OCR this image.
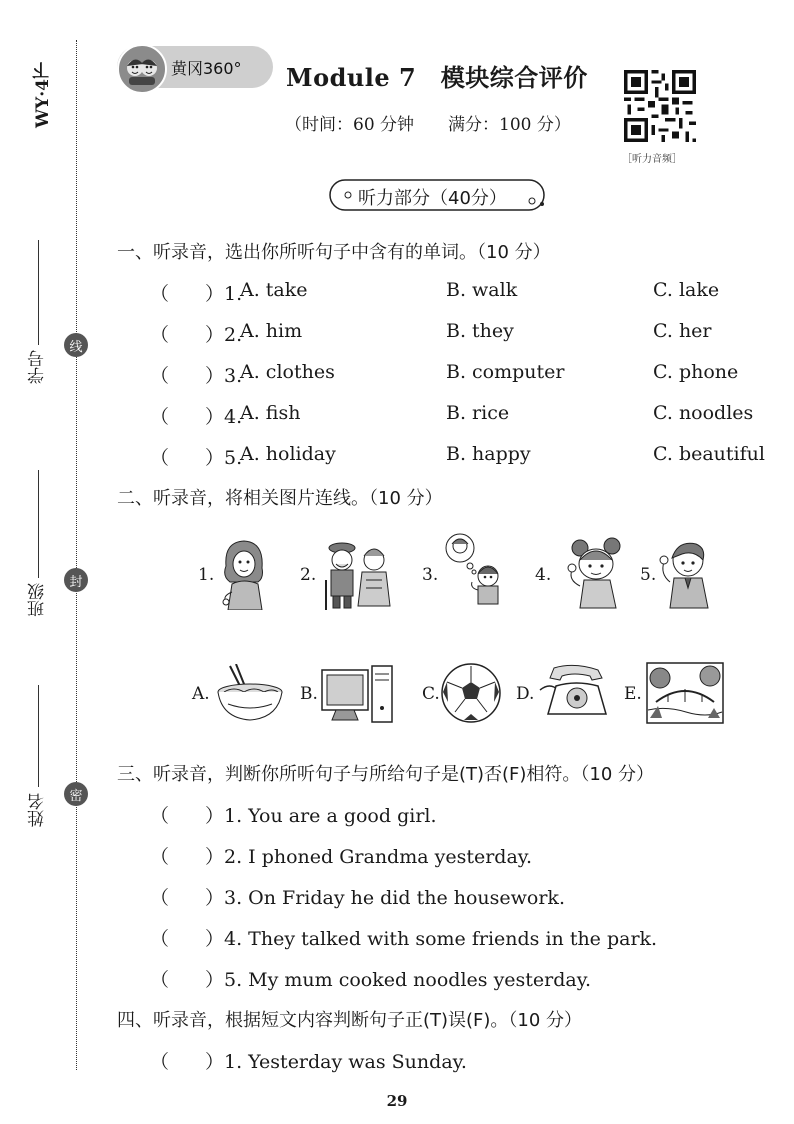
WY·4下
学号
线
班级
封
姓名	密
黄冈360° Module 7　模块综合评价
（时间：60 分钟　　满分：100 分）
［听力音频］
听力部分（40分）
一、听录音，选出你所听句子中含有的单词。（10 分）
（ ）1.
A. take	B. walk	C. lake
（ ）2.
A. him	B. they	C. her
（ ）3.
A. clothes	B. computer	C. phone
（ ）4.
A. fish	B. rice	C. noodles
（ ）5.
A. holiday	B. happy	C. beautiful
二、听录音，将相关图片连线。（10 分）
1.	2.	3.	4.	5.
A.	B.	C.	D.	E.
三、听录音，判断你所听句子与所给句子是(T)否(F)相符。（10 分）
（ ）1. You are a good girl.
（ ）2. I phoned Grandma yesterday.
（ ）3. On Friday he did the housework.
（ ）4. They talked with some friends in the park.
（ ）5. My mum cooked noodles yesterday.
四、听录音，根据短文内容判断句子正(T)误(F)。（10 分）
（ ）1. Yesterday was Sunday.
29
